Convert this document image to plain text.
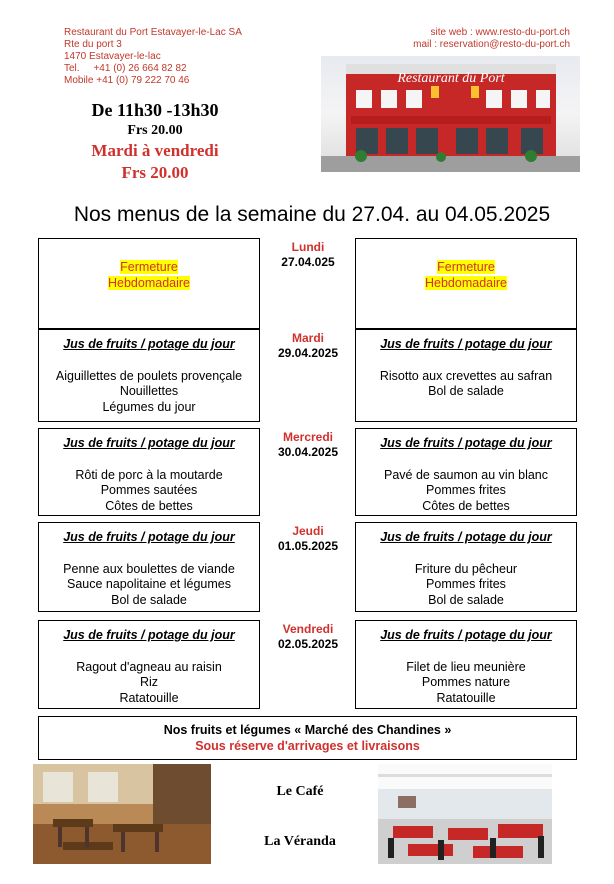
Restaurant du Port Estavayer-le-Lac SA
Rte du port 3
1470 Estavayer-le-lac
Tel.     +41 (0) 26 664 82 82
Mobile +41 (0) 79 222 70 46
site web : www.resto-du-port.ch
mail : reservation@resto-du-port.ch
De 11h30 -13h30
Frs 20.00
Mardi à vendredi
Frs 20.00
Restaurant du Port
Nos menus de la semaine du 27.04. au 04.05.2025
Fermeture
Hebdomadaire
Lundi
27.04.025	Fermeture
Hebdomadaire
Jus de fruits / potage du jour
Aiguillettes de poulets provençale
Nouillettes
Légumes du jour
Mardi
29.04.2025
Jus de fruits / potage du jour
Risotto aux crevettes au safran
Bol de salade
Jus de fruits / potage du jour
Rôti de porc à la moutarde
Pommes sautées
Côtes de bettes
Mercredi
30.04.2025
Jus de fruits / potage du jour
Pavé de saumon au vin blanc
Pommes frites
Côtes de bettes
Jus de fruits / potage du jour
Penne aux boulettes de viande
Sauce napolitaine et légumes
Bol de salade
Jeudi
01.05.2025
Jus de fruits / potage du jour
Friture du pêcheur
Pommes frites
Bol de salade
Jus de fruits / potage du jour
Ragout d'agneau au raisin
Riz
Ratatouille
Vendredi
02.05.2025
Jus de fruits / potage du jour
Filet de lieu meunière
Pommes nature
Ratatouille
Nos fruits et légumes « Marché des Chandines »
Sous réserve d'arrivages et livraisons
Le Café
La Véranda
